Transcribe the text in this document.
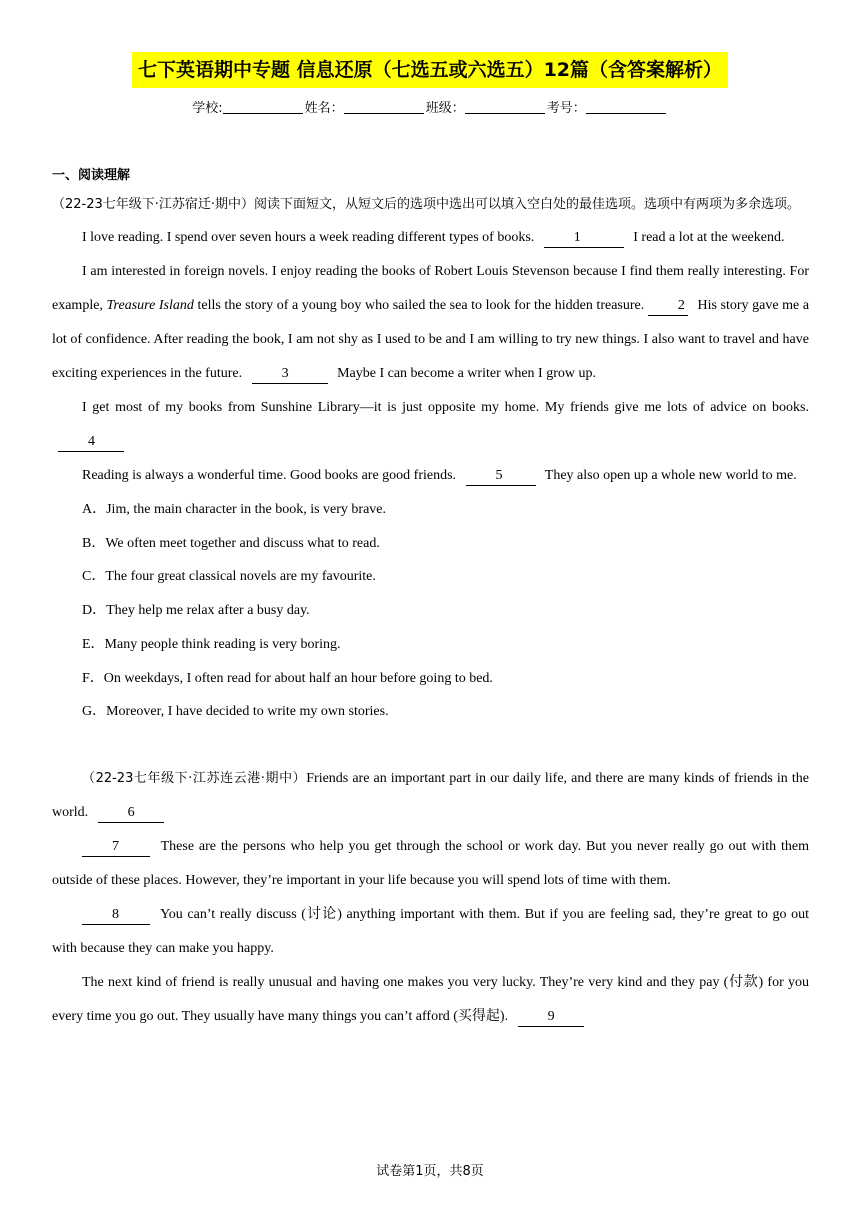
七下英语期中专题 信息还原（七选五或六选五）12篇（含答案解析）
学校:	姓名：	班级：	考号：

一、阅读理解

（22-23七年级下·江苏宿迁·期中）阅读下面短文，从短文后的选项中选出可以填入空白处的最佳选项。选项中有两项为多余选项。

I love reading. I spend over seven hours a week reading different types of books.	1	I read a lot at the weekend.

I am interested in foreign novels. I enjoy reading the books of Robert Louis Stevenson because I find them really interesting. For example, Treasure Island tells the story of a young boy who sailed the sea to look for the hidden treasure. 2 His story gave me a lot of confidence. After reading the book, I am not shy as I used to be and I am willing to try new things. I also want to travel and have exciting experiences in the future.	3	Maybe I can become a writer when I grow up.

I get most of my books from Sunshine Library—it is just opposite my home. My friends give me lots of advice on books. 4

Reading is always a wonderful time. Good books are good friends.	5	They also open up a whole new world to me.

A．Jim, the main character in the book, is very brave.

B．We often meet together and discuss what to read.

C．The four great classical novels are my favourite.

D．They help me relax after a busy day.

E．Many people think reading is very boring.

F．On weekdays, I often read for about half an hour before going to bed.

G．Moreover, I have decided to write my own stories.

（22-23七年级下·江苏连云港·期中）Friends are an important part in our daily life, and there are many kinds of friends in the world.	6

7	These are the persons who help you get through the school or work day. But you never really go out with them outside of these places. However, they’re important in your life because you will spend lots of time with them.

8	You can’t really discuss (讨论) anything important with them. But if you are feeling sad, they’re great to go out with because they can make you happy.

The next kind of friend is really unusual and having one makes you very lucky. They’re very kind and they pay (付款) for you every time you go out. They usually have many things you can’t afford (买得起).	9

试卷第1页，共8页
